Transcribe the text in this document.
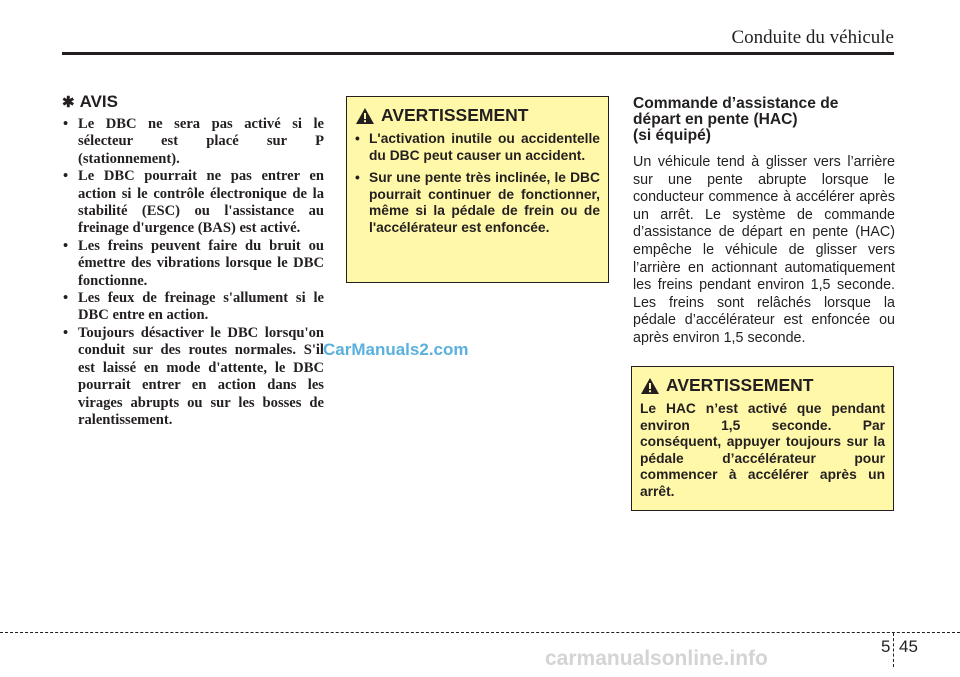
Conduite du véhicule
✱ AVIS
• Le DBC ne sera pas activé si le sélecteur est placé sur P (stationnement).
• Le DBC pourrait ne pas entrer en action si le contrôle électronique de la stabilité (ESC) ou l'assistance au freinage d'urgence (BAS) est activé.
• Les freins peuvent faire du bruit ou émettre des vibrations lorsque le DBC fonctionne.
• Les feux de freinage s'allument si le DBC entre en action.
• Toujours désactiver le DBC lorsqu'on conduit sur des routes normales. S'il est laissé en mode d'attente, le DBC pourrait entrer en action dans les virages abrupts ou sur les bosses de ralentissement.
AVERTISSEMENT
• L'activation inutile ou accidentelle du DBC peut causer un accident.
• Sur une pente très inclinée, le DBC pourrait continuer de fonctionner, même si la pédale de frein ou de l'accélérateur est enfoncée.
Commande d’assistance de
départ en pente (HAC)
(si équipé)

Un véhicule tend à glisser vers l’arrière sur une pente abrupte lorsque le conducteur commence à accélérer après un arrêt. Le système de commande d’assistance de départ en pente (HAC) empêche le véhicule de glisser vers l’arrière en actionnant automatiquement les freins pendant environ 1,5 seconde. Les freins sont relâchés lorsque la pédale d’accélérateur est enfoncée ou après environ 1,5 seconde.

AVERTISSEMENT

Le HAC n’est activé que pendant environ 1,5 seconde. Par conséquent, appuyer toujours sur la pédale d’accélérateur pour commencer à accélérer après un arrêt.

CarManuals2.com
5 45
carmanualsonline.info
